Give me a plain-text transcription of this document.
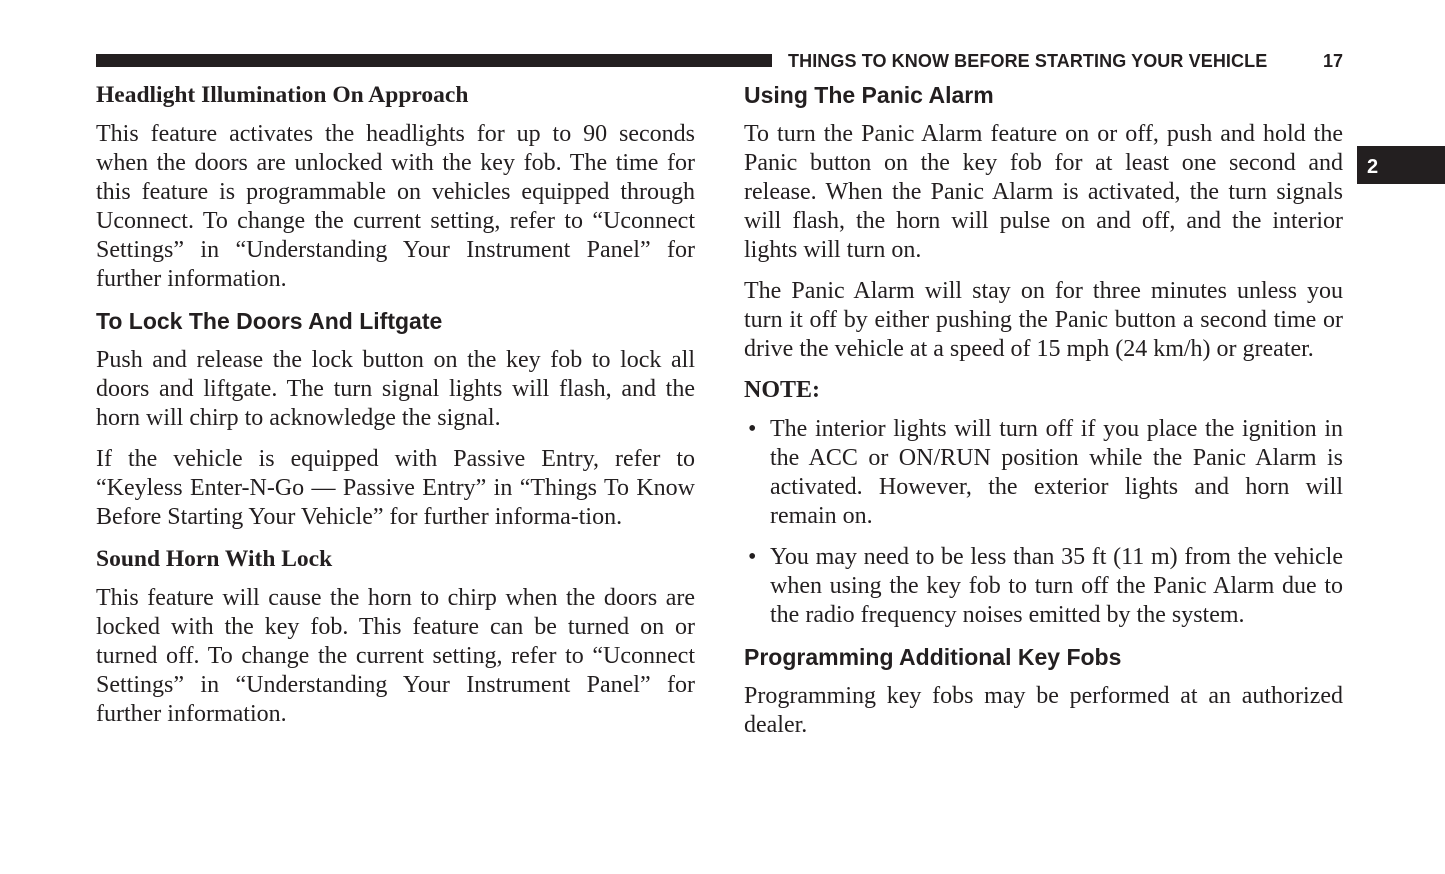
THINGS TO KNOW BEFORE STARTING YOUR VEHICLE	17
2
Headlight Illumination On Approach

This feature activates the headlights for up to 90 seconds when the doors are unlocked with the key fob. The time for this feature is programmable on vehicles equipped through Uconnect. To change the current setting, refer to “Uconnect Settings” in “Understanding Your Instrument Panel” for further information.

To Lock The Doors And Liftgate

Push and release the lock button on the key fob to lock all doors and liftgate. The turn signal lights will flash, and the horn will chirp to acknowledge the signal.

If the vehicle is equipped with Passive Entry, refer to “Keyless Enter-N-Go — Passive Entry” in “Things To Know Before Starting Your Vehicle” for further informa-tion.

Sound Horn With Lock

This feature will cause the horn to chirp when the doors are locked with the key fob. This feature can be turned on or turned off. To change the current setting, refer to “Uconnect Settings” in “Understanding Your Instrument Panel” for further information.

Using The Panic Alarm

To turn the Panic Alarm feature on or off, push and hold the Panic button on the key fob for at least one second and release. When the Panic Alarm is activated, the turn signals will flash, the horn will pulse on and off, and the interior lights will turn on.

The Panic Alarm will stay on for three minutes unless you turn it off by either pushing the Panic button a second time or drive the vehicle at a speed of 15 mph (24 km/h) or greater.

NOTE:
• The interior lights will turn off if you place the ignition in the ACC or ON/RUN position while the Panic Alarm is activated. However, the exterior lights and horn will remain on.
• You may need to be less than 35 ft (11 m) from the vehicle when using the key fob to turn off the Panic Alarm due to the radio frequency noises emitted by the system.
Programming Additional Key Fobs

Programming key fobs may be performed at an authorized dealer.
